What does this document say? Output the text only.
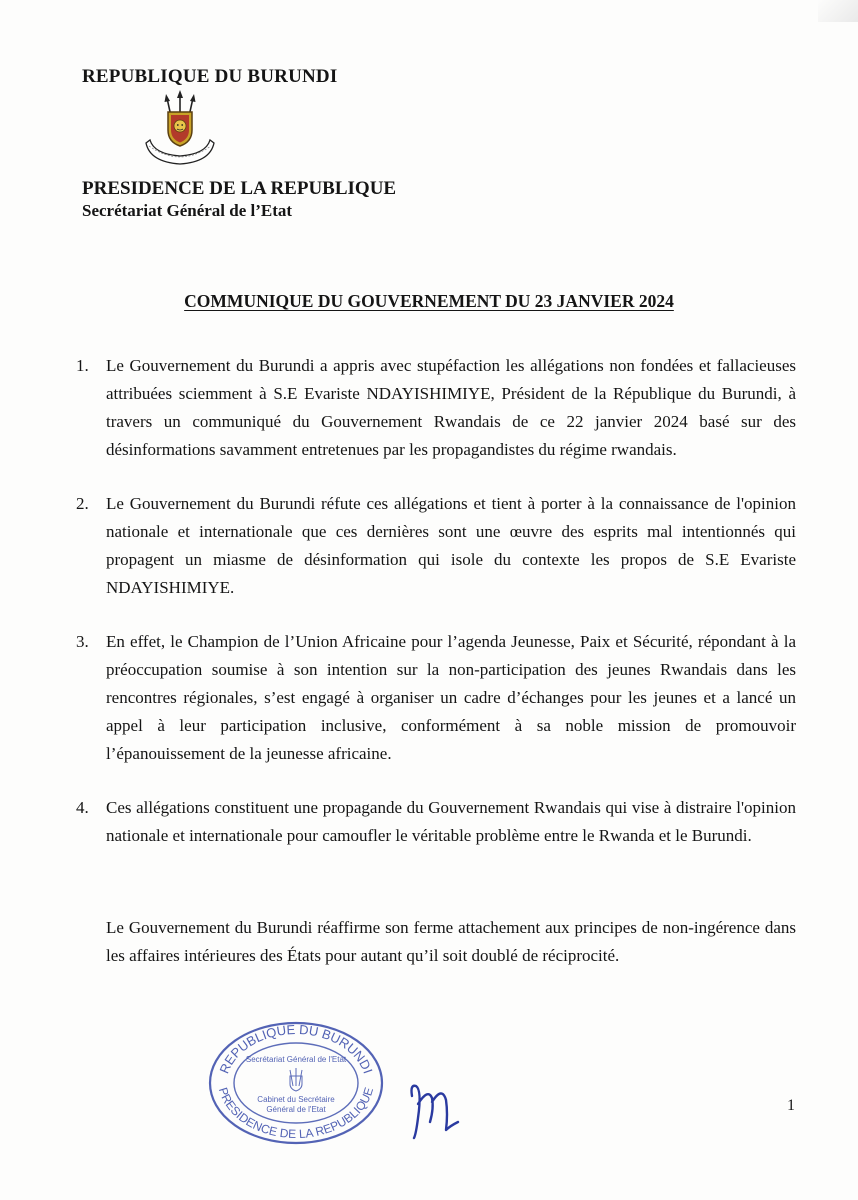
REPUBLIQUE DU BURUNDI
PRESIDENCE DE LA REPUBLIQUE
Secrétariat Général de l’Etat
COMMUNIQUE DU GOUVERNEMENT DU 23 JANVIER 2024
1. Le Gouvernement du Burundi a appris avec stupéfaction les allégations non fondées et fallacieuses attribuées sciemment à S.E Evariste NDAYISHIMIYE, Président de la République du Burundi, à travers un communiqué du Gouvernement Rwandais de ce 22 janvier 2024 basé sur des désinformations savamment entretenues par les propagandistes du régime rwandais.
2. Le Gouvernement du Burundi réfute ces allégations et tient à porter à la connaissance de l'opinion nationale et internationale que ces dernières sont une œuvre des esprits mal intentionnés qui propagent un miasme de désinformation qui isole du contexte les propos de S.E Evariste NDAYISHIMIYE.
3. En effet, le Champion de l’Union Africaine pour l’agenda Jeunesse, Paix et Sécurité, répondant à la préoccupation soumise à son intention sur la non-participation des jeunes Rwandais dans les rencontres régionales, s’est engagé à organiser un cadre d’échanges pour les jeunes et a lancé un appel à leur participation inclusive, conformément à sa noble mission de promouvoir l’épanouissement de la jeunesse africaine.
4. Ces allégations constituent une propagande du Gouvernement Rwandais qui vise à distraire l'opinion nationale et internationale pour camoufler le véritable problème entre le Rwanda et le Burundi.
Le Gouvernement du Burundi réaffirme son ferme attachement aux principes de non-ingérence dans les affaires intérieures des États pour autant qu’il soit doublé de réciprocité.
REPUBLIQUE DU BURUNDI
PRESIDENCE DE LA REPUBLIQUE
Secrétariat Général de l'Etat
Cabinet du Secrétaire
Général de l'Etat	1
